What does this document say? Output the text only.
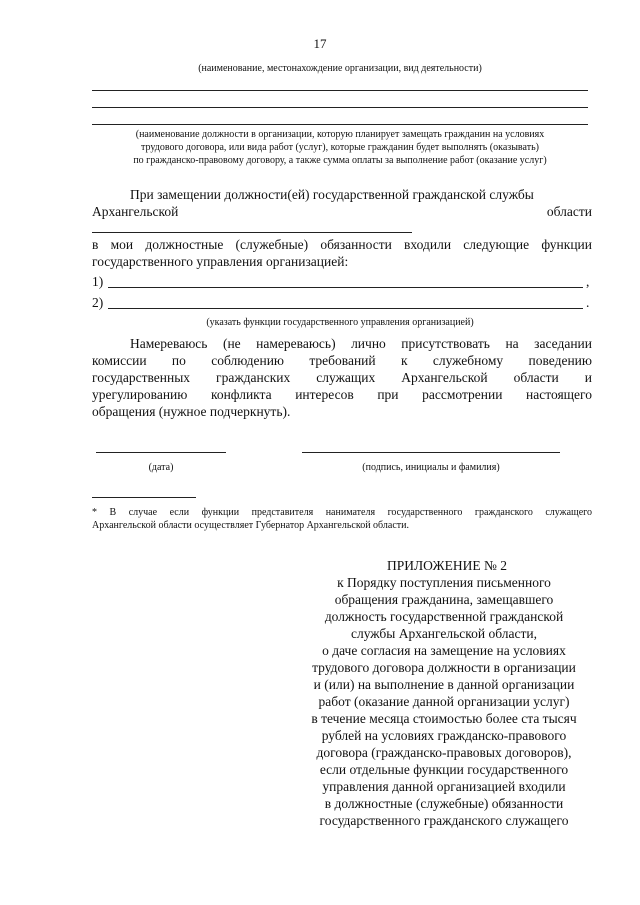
17
(наименование, местонахождение организации, вид деятельности)
(наименование должности в организации, которую планирует замещать гражданин на условиях
трудового договора, или вида работ (услуг), которые гражданин будет выполнять (оказывать)
по гражданско-правовому договору, а также сумма оплаты за выполнение работ (оказание услуг)
При замещении должности(ей) государственной гражданской службы
Архангельской	области
в мои должностные (служебные) обязанности входили следующие функции
государственного управления организацией:
1)	,
2)	.
(указать функции государственного управления организацией)
Намереваюсь (не намереваюсь) лично присутствовать на заседании
комиссии по соблюдению требований к служебному поведению
государственных гражданских служащих Архангельской области и
урегулированию конфликта интересов при рассмотрении настоящего
обращения (нужное подчеркнуть).
(дата)	(подпись, инициалы и фамилия)
* В случае если функции представителя нанимателя государственного гражданского служащего
Архангельской области осуществляет Губернатор Архангельской области.
ПРИЛОЖЕНИЕ № 2
к Порядку поступления письменного
обращения гражданина, замещавшего
должность государственной гражданской
службы Архангельской области,
о даче согласия на замещение на условиях
трудового договора должности в организации
и (или) на выполнение в данной организации
работ (оказание данной организации услуг)
в течение месяца стоимостью более ста тысяч
рублей на условиях гражданско-правового
договора (гражданско-правовых договоров),
если отдельные функции государственного
управления данной организацией входили
в должностные (служебные) обязанности
государственного гражданского служащего
